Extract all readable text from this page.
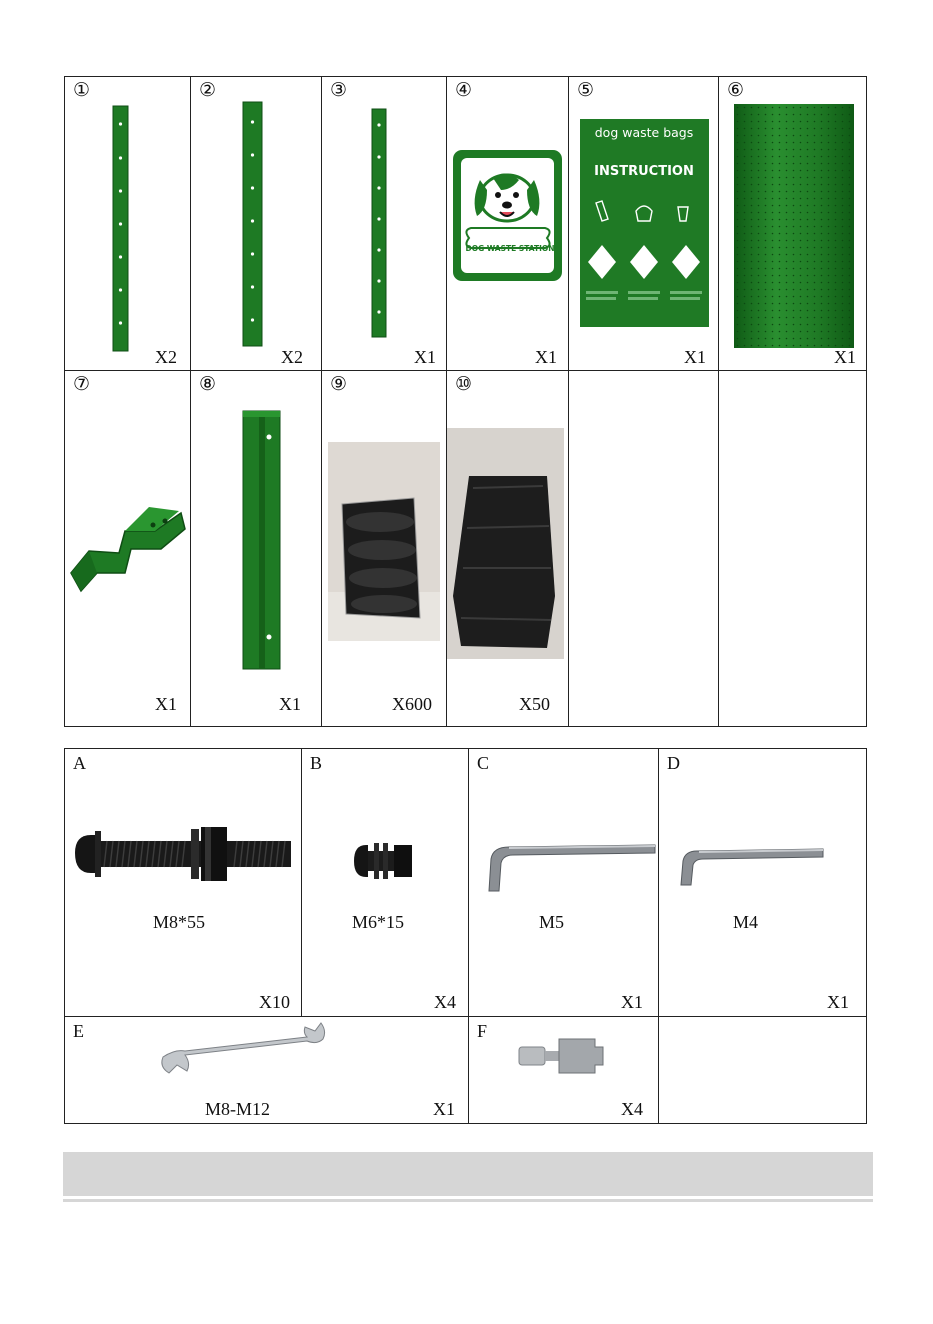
①
X2
②
X2
③
X1
④
DOG WASTE STATION
X1
⑤
dog waste bags
INSTRUCTION
X1
⑥
X1
⑦
X1
⑧
X1
⑨
X600
⑩
X50
A
M8*55
X10
B
M6*15
X4
C
M5
X1
D
M4
X1
E
M8-M12	X1
F
X4
